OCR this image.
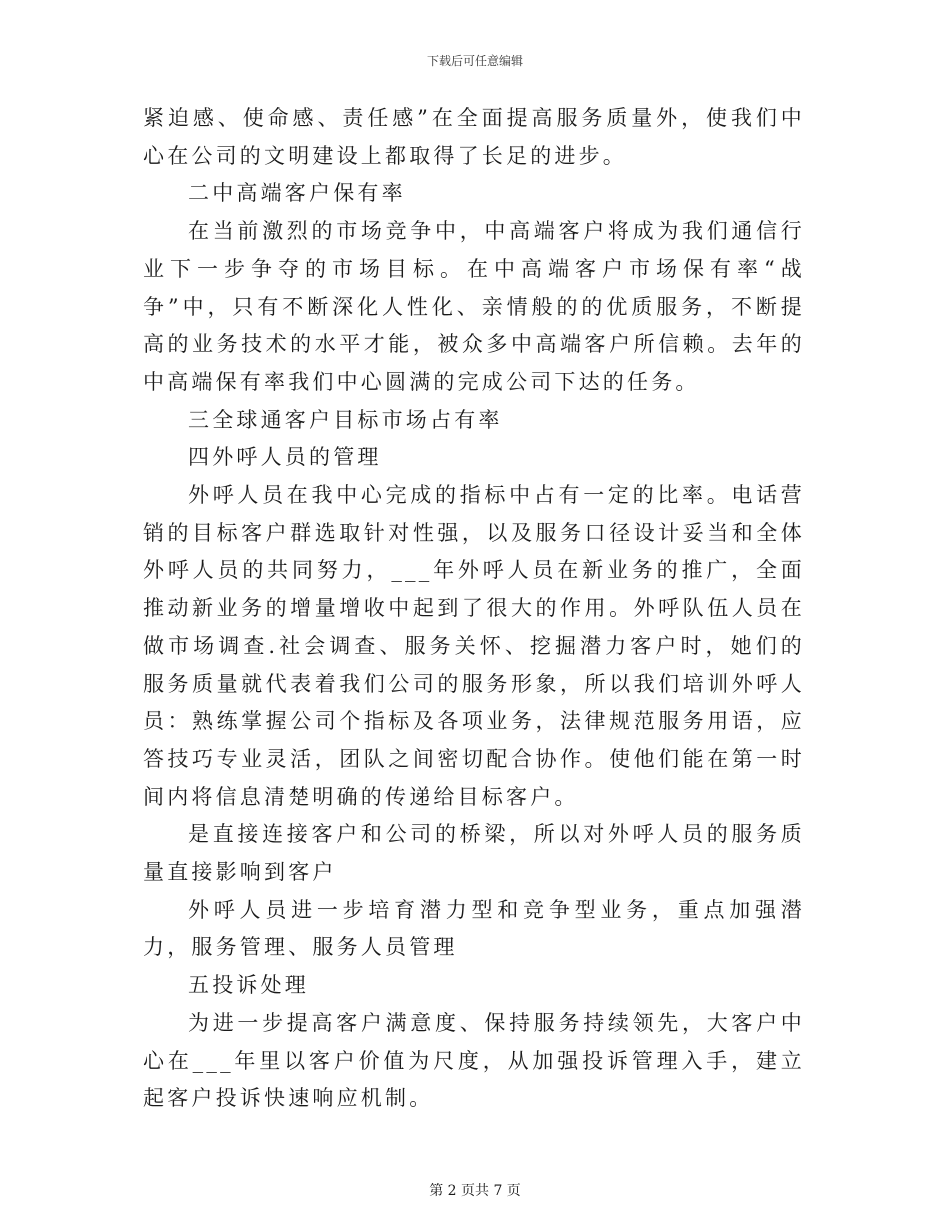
下载后可任意编辑

紧迫感、使命感、责任感”在全面提高服务质量外，使我们中心在公司的文明建设上都取得了长足的进步。

二中高端客户保有率

在当前激烈的市场竞争中，中高端客户将成为我们通信行业下一步争夺的市场目标。在中高端客户市场保有率“战争”中，只有不断深化人性化、亲情般的的优质服务，不断提高的业务技术的水平才能，被众多中高端客户所信赖。去年的中高端保有率我们中心圆满的完成公司下达的任务。

三全球通客户目标市场占有率

四外呼人员的管理

外呼人员在我中心完成的指标中占有一定的比率。电话营销的目标客户群选取针对性强，以及服务口径设计妥当和全体外呼人员的共同努力，___年外呼人员在新业务的推广，全面推动新业务的增量增收中起到了很大的作用。外呼队伍人员在做市场调查.社会调查、服务关怀、挖掘潜力客户时，她们的服务质量就代表着我们公司的服务形象，所以我们培训外呼人员：熟练掌握公司个指标及各项业务，法律规范服务用语，应答技巧专业灵活，团队之间密切配合协作。使他们能在第一时间内将信息清楚明确的传递给目标客户。

是直接连接客户和公司的桥梁，所以对外呼人员的服务质量直接影响到客户

外呼人员进一步培育潜力型和竞争型业务，重点加强潜力，服务管理、服务人员管理

五投诉处理

为进一步提高客户满意度、保持服务持续领先，大客户中心在___年里以客户价值为尺度，从加强投诉管理入手，建立起客户投诉快速响应机制。

第 2 页共 7 页
